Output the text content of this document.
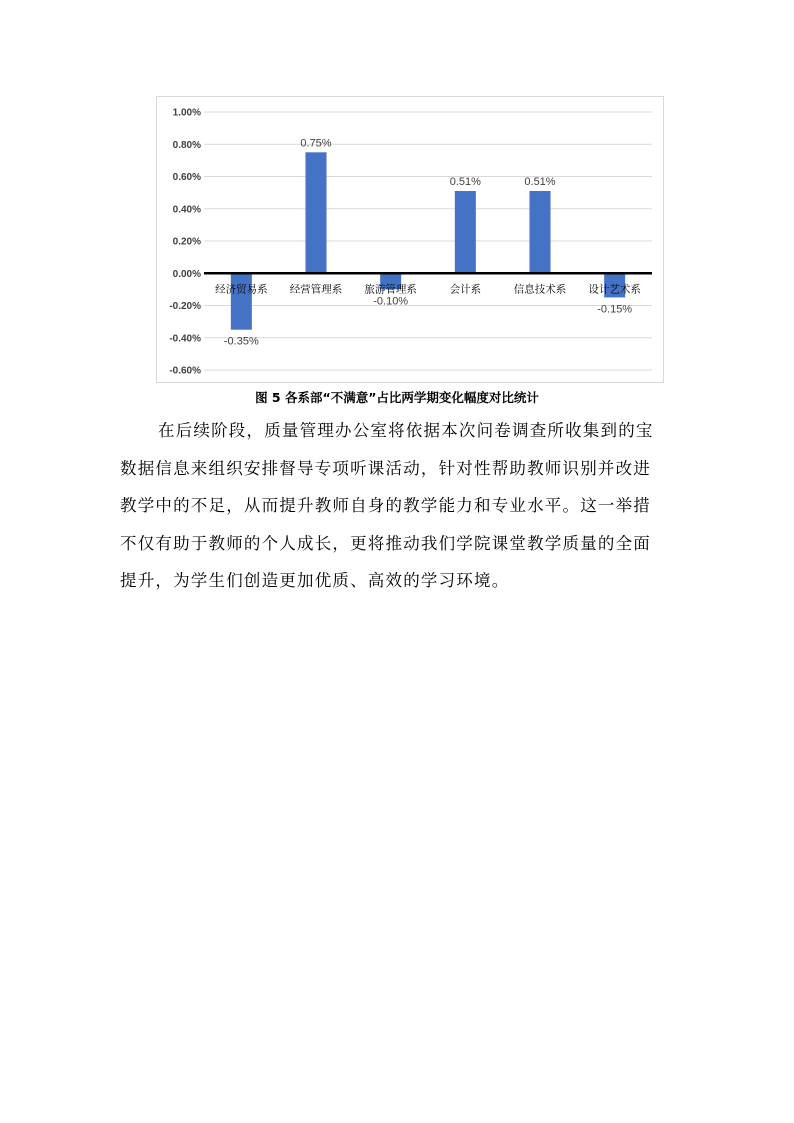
1.00%
0.80%
0.60%
0.40%
0.20%
0.00%
-0.20%
-0.40%
-0.60%
经济贸易系 经营管理系 旅游管理系	会计系	信息技术系 设计艺术系
-0.35%
0.75%
-0.10%
0.51%	0.51%
-0.15%
图 5 各系部“不满意”占比两学期变化幅度对比统计

在后续阶段，质量管理办公室将依据本次问卷调查所收集到的宝
数据信息来组织安排督导专项听课活动，针对性帮助教师识别并改进
教学中的不足，从而提升教师自身的教学能力和专业水平。这一举措
不仅有助于教师的个人成长，更将推动我们学院课堂教学质量的全面
提升，为学生们创造更加优质、高效的学习环境。
